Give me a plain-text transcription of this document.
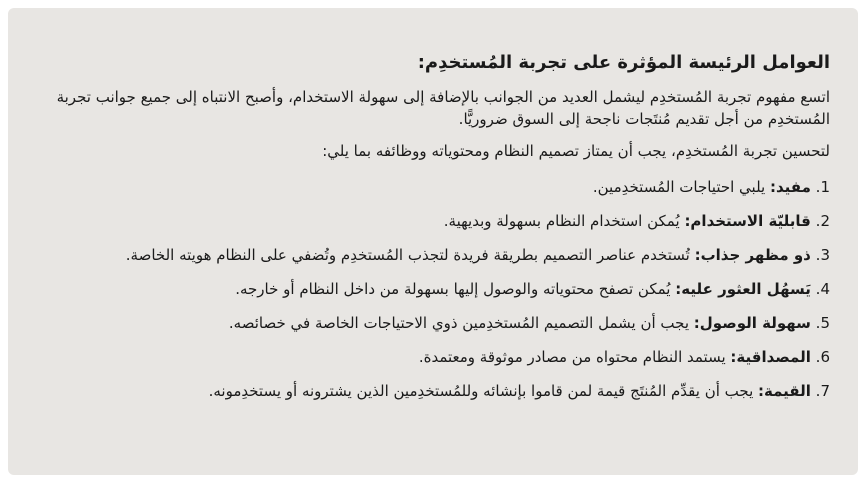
العوامل الرئيسة المؤثرة على تجربة المُستخدِم:

اتسع مفهوم تجربة المُستخدِم ليشمل العديد من الجوانب بالإضافة إلى سهولة الاستخدام، وأصبح الانتباه إلى جميع جوانب تجربة المُستخدِم من أجل تقديم مُنتَجات ناجحة إلى السوق ضروريًّا.

لتحسين تجربة المُستخدِم، يجب أن يمتاز تصميم النظام ومحتوياته ووظائفه بما يلي:

1. مفيد: يلبي احتياجات المُستخدِمين.
2. قابليّة الاستخدام: يُمكن استخدام النظام بسهولة وبديهية.
3. ذو مظهر جذاب: تُستخدم عناصر التصميم بطريقة فريدة لتجذب المُستخدِم وتُضفي على النظام هويته الخاصة.
4. يَسهُل العثور عليه: يُمكن تصفح محتوياته والوصول إليها بسهولة من داخل النظام أو خارجه.
5. سهولة الوصول: يجب أن يشمل التصميم المُستخدِمين ذوي الاحتياجات الخاصة في خصائصه.
6. المصداقية: يستمد النظام محتواه من مصادر موثوقة ومعتمدة.
7. القيمة: يجب أن يقدِّم المُنتَج قيمة لمن قاموا بإنشائه وللمُستخدِمين الذين يشترونه أو يستخدِمونه.
